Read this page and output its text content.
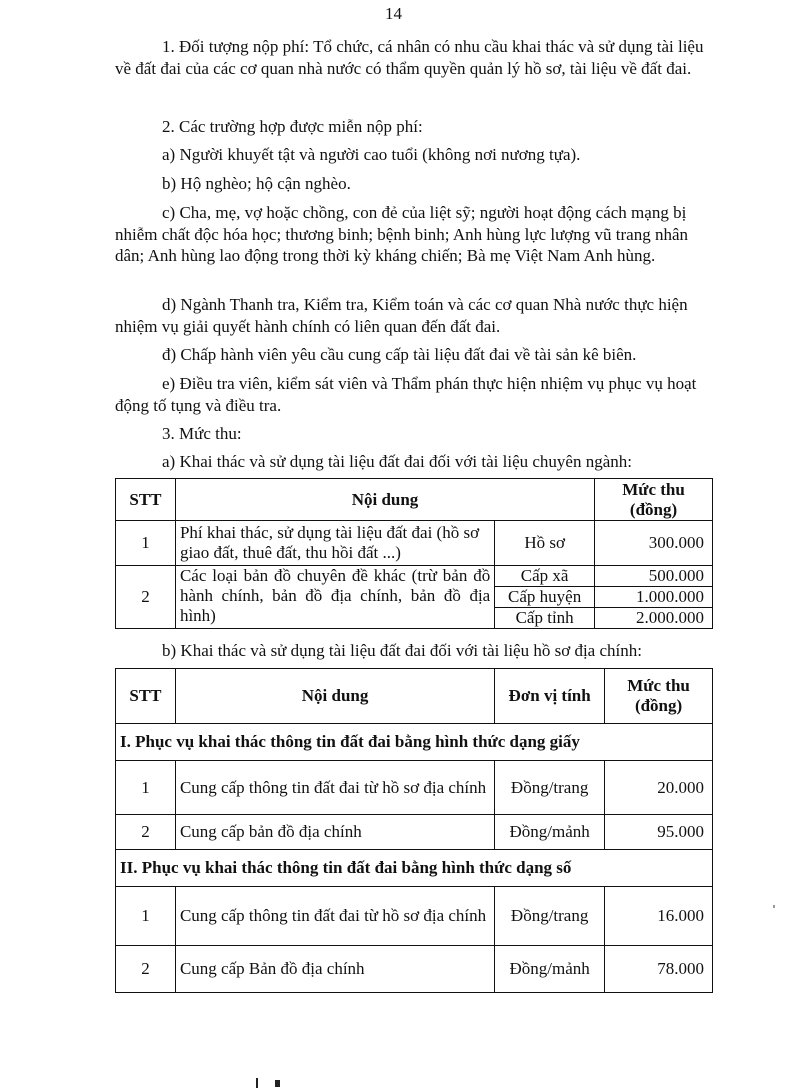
14
1. Đối tượng nộp phí: Tổ chức, cá nhân có nhu cầu khai thác và sử dụng tài liệu về đất đai của các cơ quan nhà nước có thẩm quyền quản lý hồ sơ, tài liệu về đất đai.
2. Các trường hợp được miễn nộp phí:
a) Người khuyết tật và người cao tuổi (không nơi nương tựa).
b) Hộ nghèo; hộ cận nghèo.
c) Cha, mẹ, vợ hoặc chồng, con đẻ của liệt sỹ; người hoạt động cách mạng bị nhiễm chất độc hóa học; thương binh; bệnh binh; Anh hùng lực lượng vũ trang nhân dân; Anh hùng lao động trong thời kỳ kháng chiến; Bà mẹ Việt Nam Anh hùng.
d) Ngành Thanh tra, Kiểm tra, Kiểm toán và các cơ quan Nhà nước thực hiện nhiệm vụ giải quyết hành chính có liên quan đến đất đai.
đ) Chấp hành viên yêu cầu cung cấp tài liệu đất đai về tài sản kê biên.
e) Điều tra viên, kiểm sát viên và Thẩm phán thực hiện nhiệm vụ phục vụ hoạt động tố tụng và điều tra.
3. Mức thu:
a) Khai thác và sử dụng tài liệu đất đai đối với tài liệu chuyên ngành:
STT	Nội dung		Mức thu (đồng)
1	Phí khai thác, sử dụng tài liệu đất đai (hồ sơ giao đất, thuê đất, thu hồi đất ...)	Hồ sơ	300.000
2	Các loại bản đồ chuyên đề khác (trừ bản đồ hành chính, bản đồ địa chính, bản đồ địa hình)	Cấp xã	500.000
		Cấp huyện	1.000.000
		Cấp tỉnh	2.000.000
b) Khai thác và sử dụng tài liệu đất đai đối với tài liệu hồ sơ địa chính:
STT	Nội dung	Đơn vị tính	Mức thu (đồng)
I. Phục vụ khai thác thông tin đất đai bằng hình thức dạng giấy			
1	Cung cấp thông tin đất đai từ hồ sơ địa chính	Đồng/trang	20.000
2	Cung cấp bản đồ địa chính	Đồng/mảnh	95.000
II. Phục vụ khai thác thông tin đất đai bằng hình thức dạng số			
1	Cung cấp thông tin đất đai từ hồ sơ địa chính	Đồng/trang	16.000
2	Cung cấp Bản đồ địa chính	Đồng/mảnh	78.000
